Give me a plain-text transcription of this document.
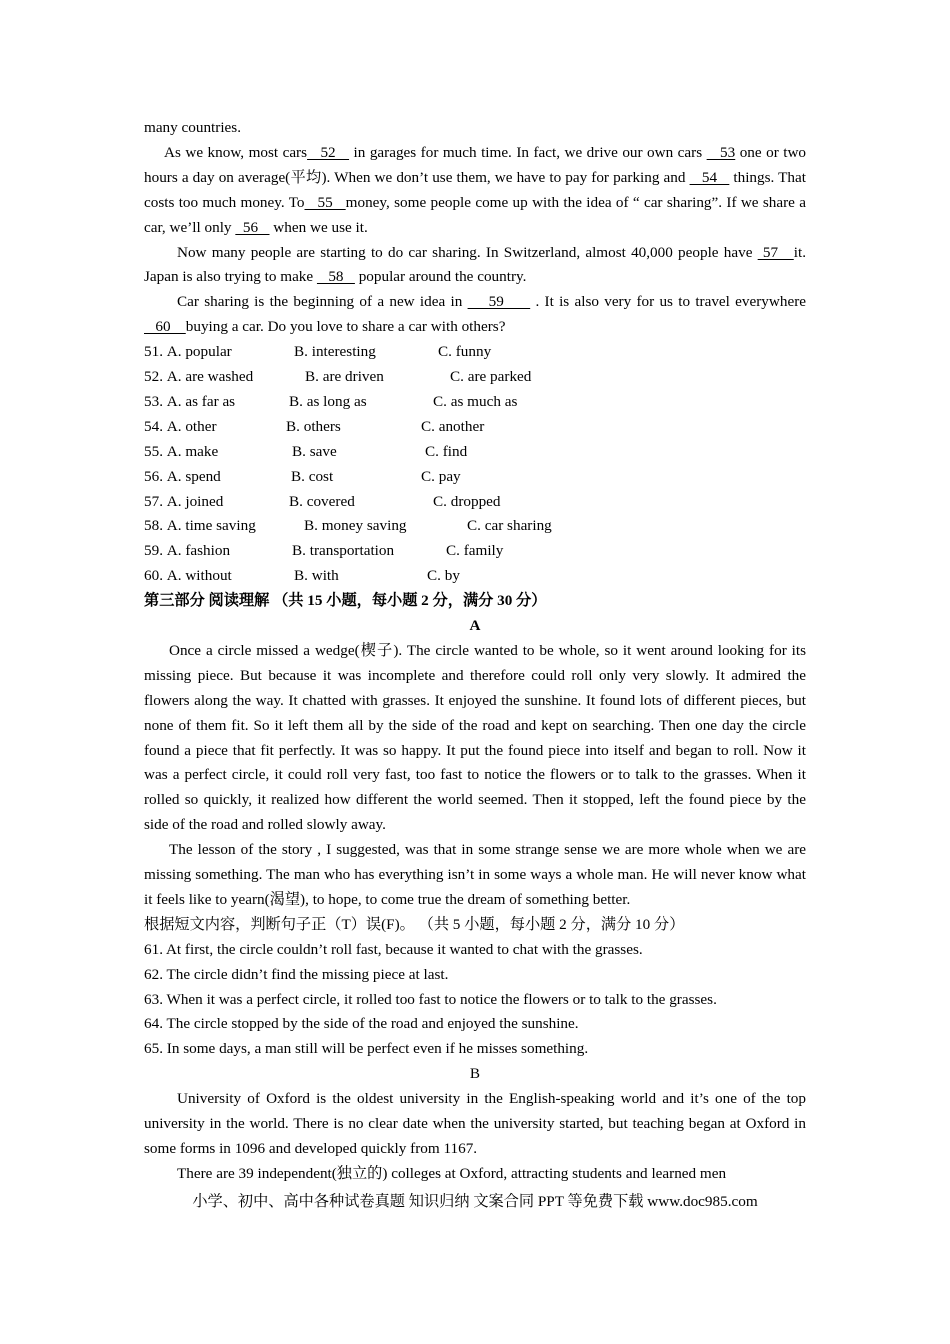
many countries.

As we know, most cars   52    in garages for much time. In fact, we drive our own cars    53 one or two hours a day on average(平均). When we don’t use them, we have to pay for parking and    54    things. That costs too much money. To   55   money, some people come up with the idea of “ car sharing”. If we share a car, we’ll only   56    when we use it.

Now many people are starting to do car sharing. In Switzerland, almost 40,000 people have  57   it. Japan is also trying to make    58    popular around the country.

Car sharing is the beginning of a new idea in     59      . It is also very for us to travel everywhere    60    buying a car. Do you love to share a car with others?

51. A. popular	B. interesting	C. funny
52. A. are washed	B. are driven	C. are parked
53. A. as far as	B. as long as	C. as much as
54. A. other	B. others	C. another
55. A. make	B. save	C. find
56. A. spend	B. cost	C. pay
57. A. joined	B. covered	C. dropped
58. A. time saving	B. money saving	C. car sharing
59. A. fashion	B. transportation	C. family
60. A. without	B. with	C. by

第三部分 阅读理解 （共 15 小题，每小题 2 分，满分 30 分）

A

Once a circle missed a wedge(楔子). The circle wanted to be whole, so it went around looking for its missing piece. But because it was incomplete and therefore could roll only very slowly. It admired the flowers along the way. It chatted with grasses. It enjoyed the sunshine. It found lots of different pieces, but none of them fit. So it left them all by the side of the road and kept on searching. Then one day the circle found a piece that fit perfectly. It was so happy. It put the found piece into itself and began to roll. Now it was a perfect circle, it could roll very fast, too fast to notice the flowers or to talk to the grasses. When it rolled so quickly, it realized how different the world seemed. Then it stopped, left the found piece by the side of the road and rolled slowly away.

The lesson of the story , I suggested, was that in some strange sense we are more whole when we are missing something. The man who has everything isn’t in some ways a whole man. He will never know what it feels like to yearn(渴望), to hope, to come true the dream of something better.

根据短文内容，判断句子正（T）误(F)。 （共 5 小题，每小题 2 分，满分 10 分）

61. At first, the circle couldn’t roll fast, because it wanted to chat with the grasses.

62. The circle didn’t find the missing piece at last.

63. When it was a perfect circle, it rolled too fast to notice the flowers or to talk to the grasses.

64. The circle stopped by the side of the road and enjoyed the sunshine.

65. In some days, a man still will be perfect even if he misses something.

B

University of Oxford is the oldest university in the English-speaking world and it’s one of the top university in the world. There is no clear date when the university started, but teaching began at Oxford in some forms in 1096 and developed quickly from 1167.

There are 39 independent(独立的) colleges at Oxford, attracting students and learned men

小学、初中、高中各种试卷真题 知识归纳 文案合同 PPT 等免费下载 www.doc985.com
